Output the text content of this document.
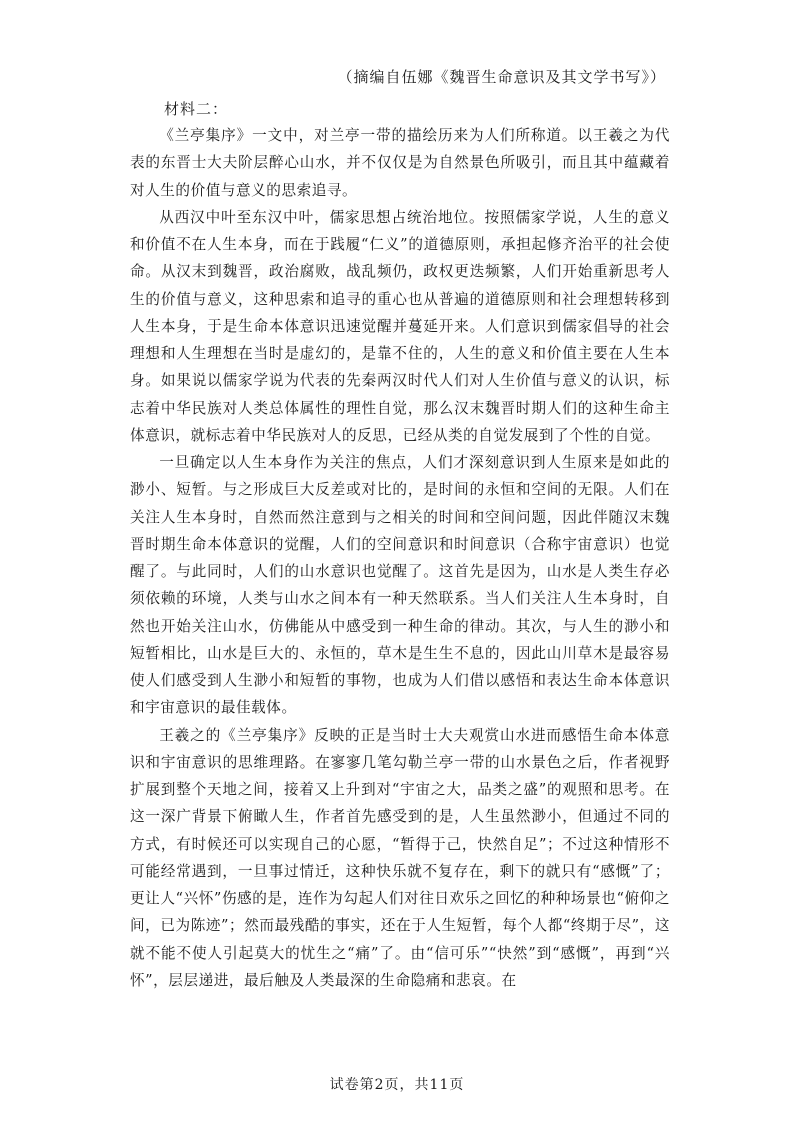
（摘编自伍娜《魏晋生命意识及其文学书写》）
材料二：

《兰亭集序》一文中，对兰亭一带的描绘历来为人们所称道。以王羲之为代表的东晋士大夫阶层醉心山水，并不仅仅是为自然景色所吸引，而且其中蕴藏着对人生的价值与意义的思索追寻。

从西汉中叶至东汉中叶，儒家思想占统治地位。按照儒家学说，人生的意义和价值不在人生本身，而在于践履“仁义”的道德原则，承担起修齐治平的社会使命。从汉末到魏晋，政治腐败，战乱频仍，政权更迭频繁，人们开始重新思考人生的价值与意义，这种思索和追寻的重心也从普遍的道德原则和社会理想转移到人生本身，于是生命本体意识迅速觉醒并蔓延开来。人们意识到儒家倡导的社会理想和人生理想在当时是虚幻的，是靠不住的，人生的意义和价值主要在人生本身。如果说以儒家学说为代表的先秦两汉时代人们对人生价值与意义的认识，标志着中华民族对人类总体属性的理性自觉，那么汉末魏晋时期人们的这种生命主体意识，就标志着中华民族对人的反思，已经从类的自觉发展到了个性的自觉。

一旦确定以人生本身作为关注的焦点，人们才深刻意识到人生原来是如此的渺小、短暂。与之形成巨大反差或对比的，是时间的永恒和空间的无限。人们在关注人生本身时，自然而然注意到与之相关的时间和空间问题，因此伴随汉末魏晋时期生命本体意识的觉醒，人们的空间意识和时间意识（合称宇宙意识）也觉醒了。与此同时，人们的山水意识也觉醒了。这首先是因为，山水是人类生存必须依赖的环境，人类与山水之间本有一种天然联系。当人们关注人生本身时，自然也开始关注山水，仿佛能从中感受到一种生命的律动。其次，与人生的渺小和短暂相比，山水是巨大的、永恒的，草木是生生不息的，因此山川草木是最容易使人们感受到人生渺小和短暂的事物，也成为人们借以感悟和表达生命本体意识和宇宙意识的最佳载体。

王羲之的《兰亭集序》反映的正是当时士大夫观赏山水进而感悟生命本体意识和宇宙意识的思维理路。在寥寥几笔勾勒兰亭一带的山水景色之后，作者视野扩展到整个天地之间，接着又上升到对“宇宙之大，品类之盛”的观照和思考。在这一深广背景下俯瞰人生，作者首先感受到的是，人生虽然渺小，但通过不同的方式，有时候还可以实现自己的心愿，“暂得于己，快然自足”；不过这种情形不可能经常遇到，一旦事过情迁，这种快乐就不复存在，剩下的就只有“感慨”了；更让人“兴怀”伤感的是，连作为勾起人们对往日欢乐之回忆的种种场景也“俯仰之间，已为陈迹”；然而最残酷的事实，还在于人生短暂，每个人都“终期于尽”，这就不能不使人引起莫大的忧生之“痛”了。由“信可乐”“快然”到“感慨”，再到“兴怀”，层层递进，最后触及人类最深的生命隐痛和悲哀。在

试卷第2页，共11页
